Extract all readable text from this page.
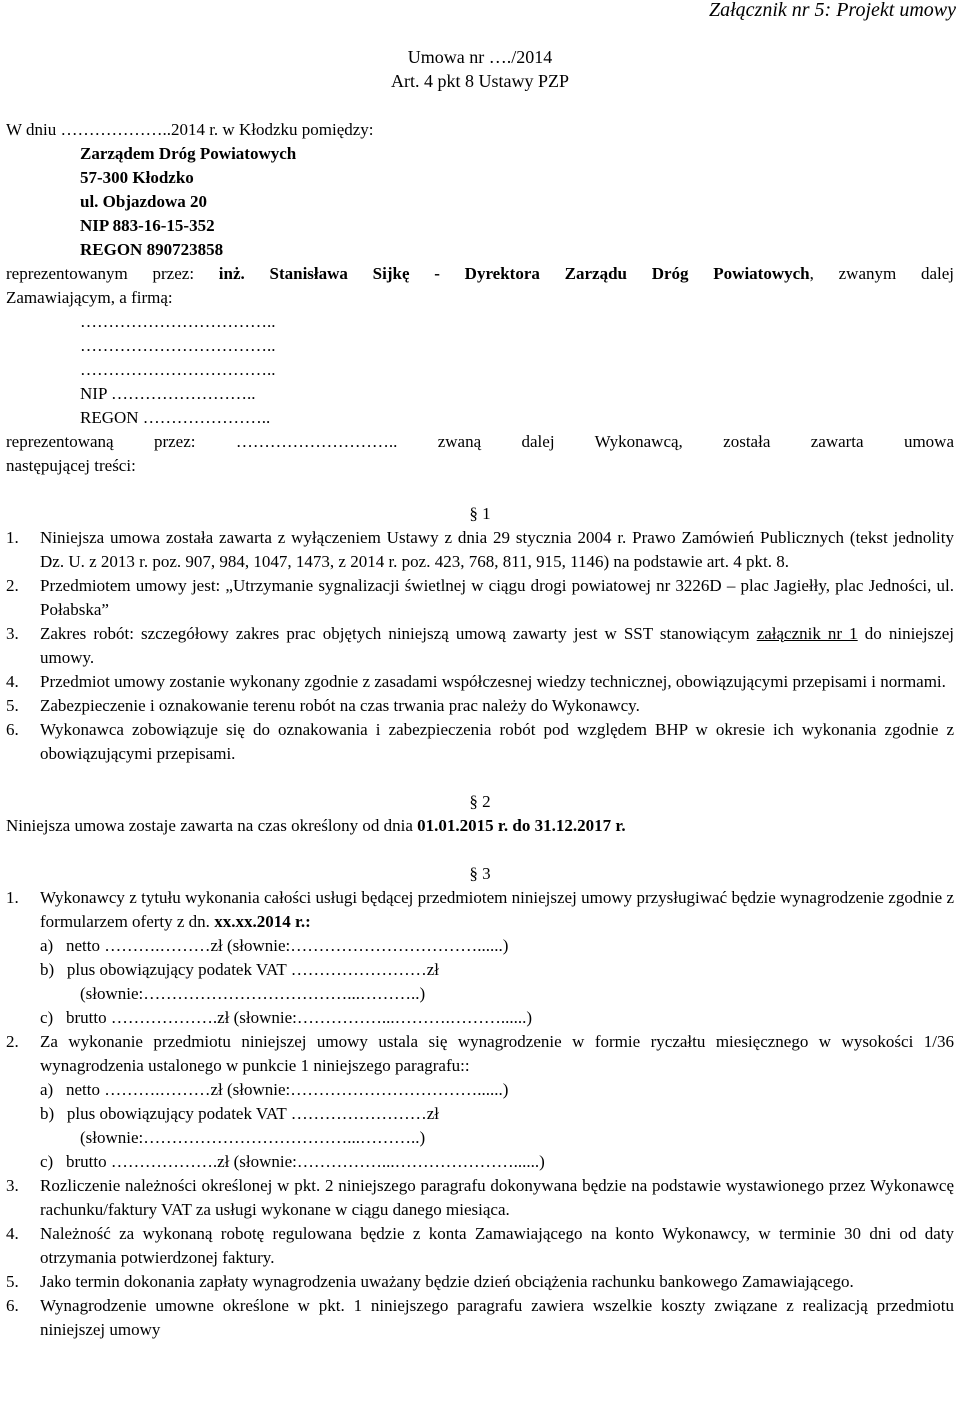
Załącznik nr 5: Projekt umowy
Umowa nr …./2014
Art. 4 pkt 8 Ustawy PZP
W dniu ………………..2014 r. w Kłodzku pomiędzy:
Zarządem Dróg Powiatowych
57-300 Kłodzko
ul. Objazdowa 20
NIP 883-16-15-352
REGON 890723858
reprezentowanym przez: inż. Stanisława Sijkę - Dyrektora Zarządu Dróg Powiatowych, zwanym dalej
Zamawiającym, a firmą:
……………………………..
……………………………..
……………………………..
NIP ……………………..
REGON …………………..
reprezentowaną przez: ……………………….. zwaną dalej Wykonawcą, została zawarta umowa
następującej treści:
§ 1
1. Niniejsza umowa została zawarta z wyłączeniem Ustawy z dnia 29 stycznia 2004 r. Prawo Zamówień Publicznych (tekst jednolity Dz. U. z 2013 r. poz. 907, 984, 1047, 1473, z 2014 r. poz. 423, 768, 811, 915, 1146) na podstawie art. 4 pkt. 8.
2. Przedmiotem umowy jest: „Utrzymanie sygnalizacji świetlnej w ciągu drogi powiatowej nr 3226D – plac Jagiełły, plac Jedności, ul. Połabska”
3. Zakres robót: szczegółowy zakres prac objętych niniejszą umową zawarty jest w SST stanowiącym załącznik nr 1 do niniejszej umowy.
4. Przedmiot umowy zostanie wykonany zgodnie z zasadami współczesnej wiedzy technicznej, obowiązującymi przepisami i normami.
5. Zabezpieczenie i oznakowanie terenu robót na czas trwania prac należy do Wykonawcy.
6. Wykonawca zobowiązuje się do oznakowania i zabezpieczenia robót pod względem BHP w okresie ich wykonania zgodnie z obowiązującymi przepisami.
§ 2
Niniejsza umowa zostaje zawarta na czas określony od dnia 01.01.2015 r. do 31.12.2017 r.
§ 3
1. Wykonawcy z tytułu wykonania całości usługi będącej przedmiotem niniejszej umowy przysługiwać będzie wynagrodzenie zgodnie z formularzem oferty z dn. xx.xx.2014 r.:
a)   netto ……….………zł (słownie:……………………………......)
b)   plus obowiązujący podatek VAT ……………………zł
(słownie:………………………………...………..)
c)   brutto ……………….zł (słownie:……………...……….………......)
2. Za wykonanie przedmiotu niniejszej umowy ustala się wynagrodzenie w formie ryczałtu miesięcznego w wysokości 1/36 wynagrodzenia ustalonego w punkcie 1 niniejszego paragrafu::
a)   netto ……….………zł (słownie:……………………………......)
b)   plus obowiązujący podatek VAT ……………………zł
(słownie:………………………………...………..)
c)   brutto ……………….zł (słownie:……………...…………………......)
3. Rozliczenie należności określonej w pkt. 2 niniejszego paragrafu dokonywana będzie na podstawie wystawionego przez Wykonawcę rachunku/faktury VAT za usługi wykonane w ciągu danego miesiąca.
4. Należność za wykonaną robotę regulowana będzie z konta Zamawiającego na konto Wykonawcy, w terminie 30 dni od daty otrzymania potwierdzonej faktury.
5. Jako termin dokonania zapłaty wynagrodzenia uważany będzie dzień obciążenia rachunku bankowego Zamawiającego.
6. Wynagrodzenie umowne określone w pkt. 1 niniejszego paragrafu zawiera wszelkie koszty związane z realizacją przedmiotu niniejszej umowy
